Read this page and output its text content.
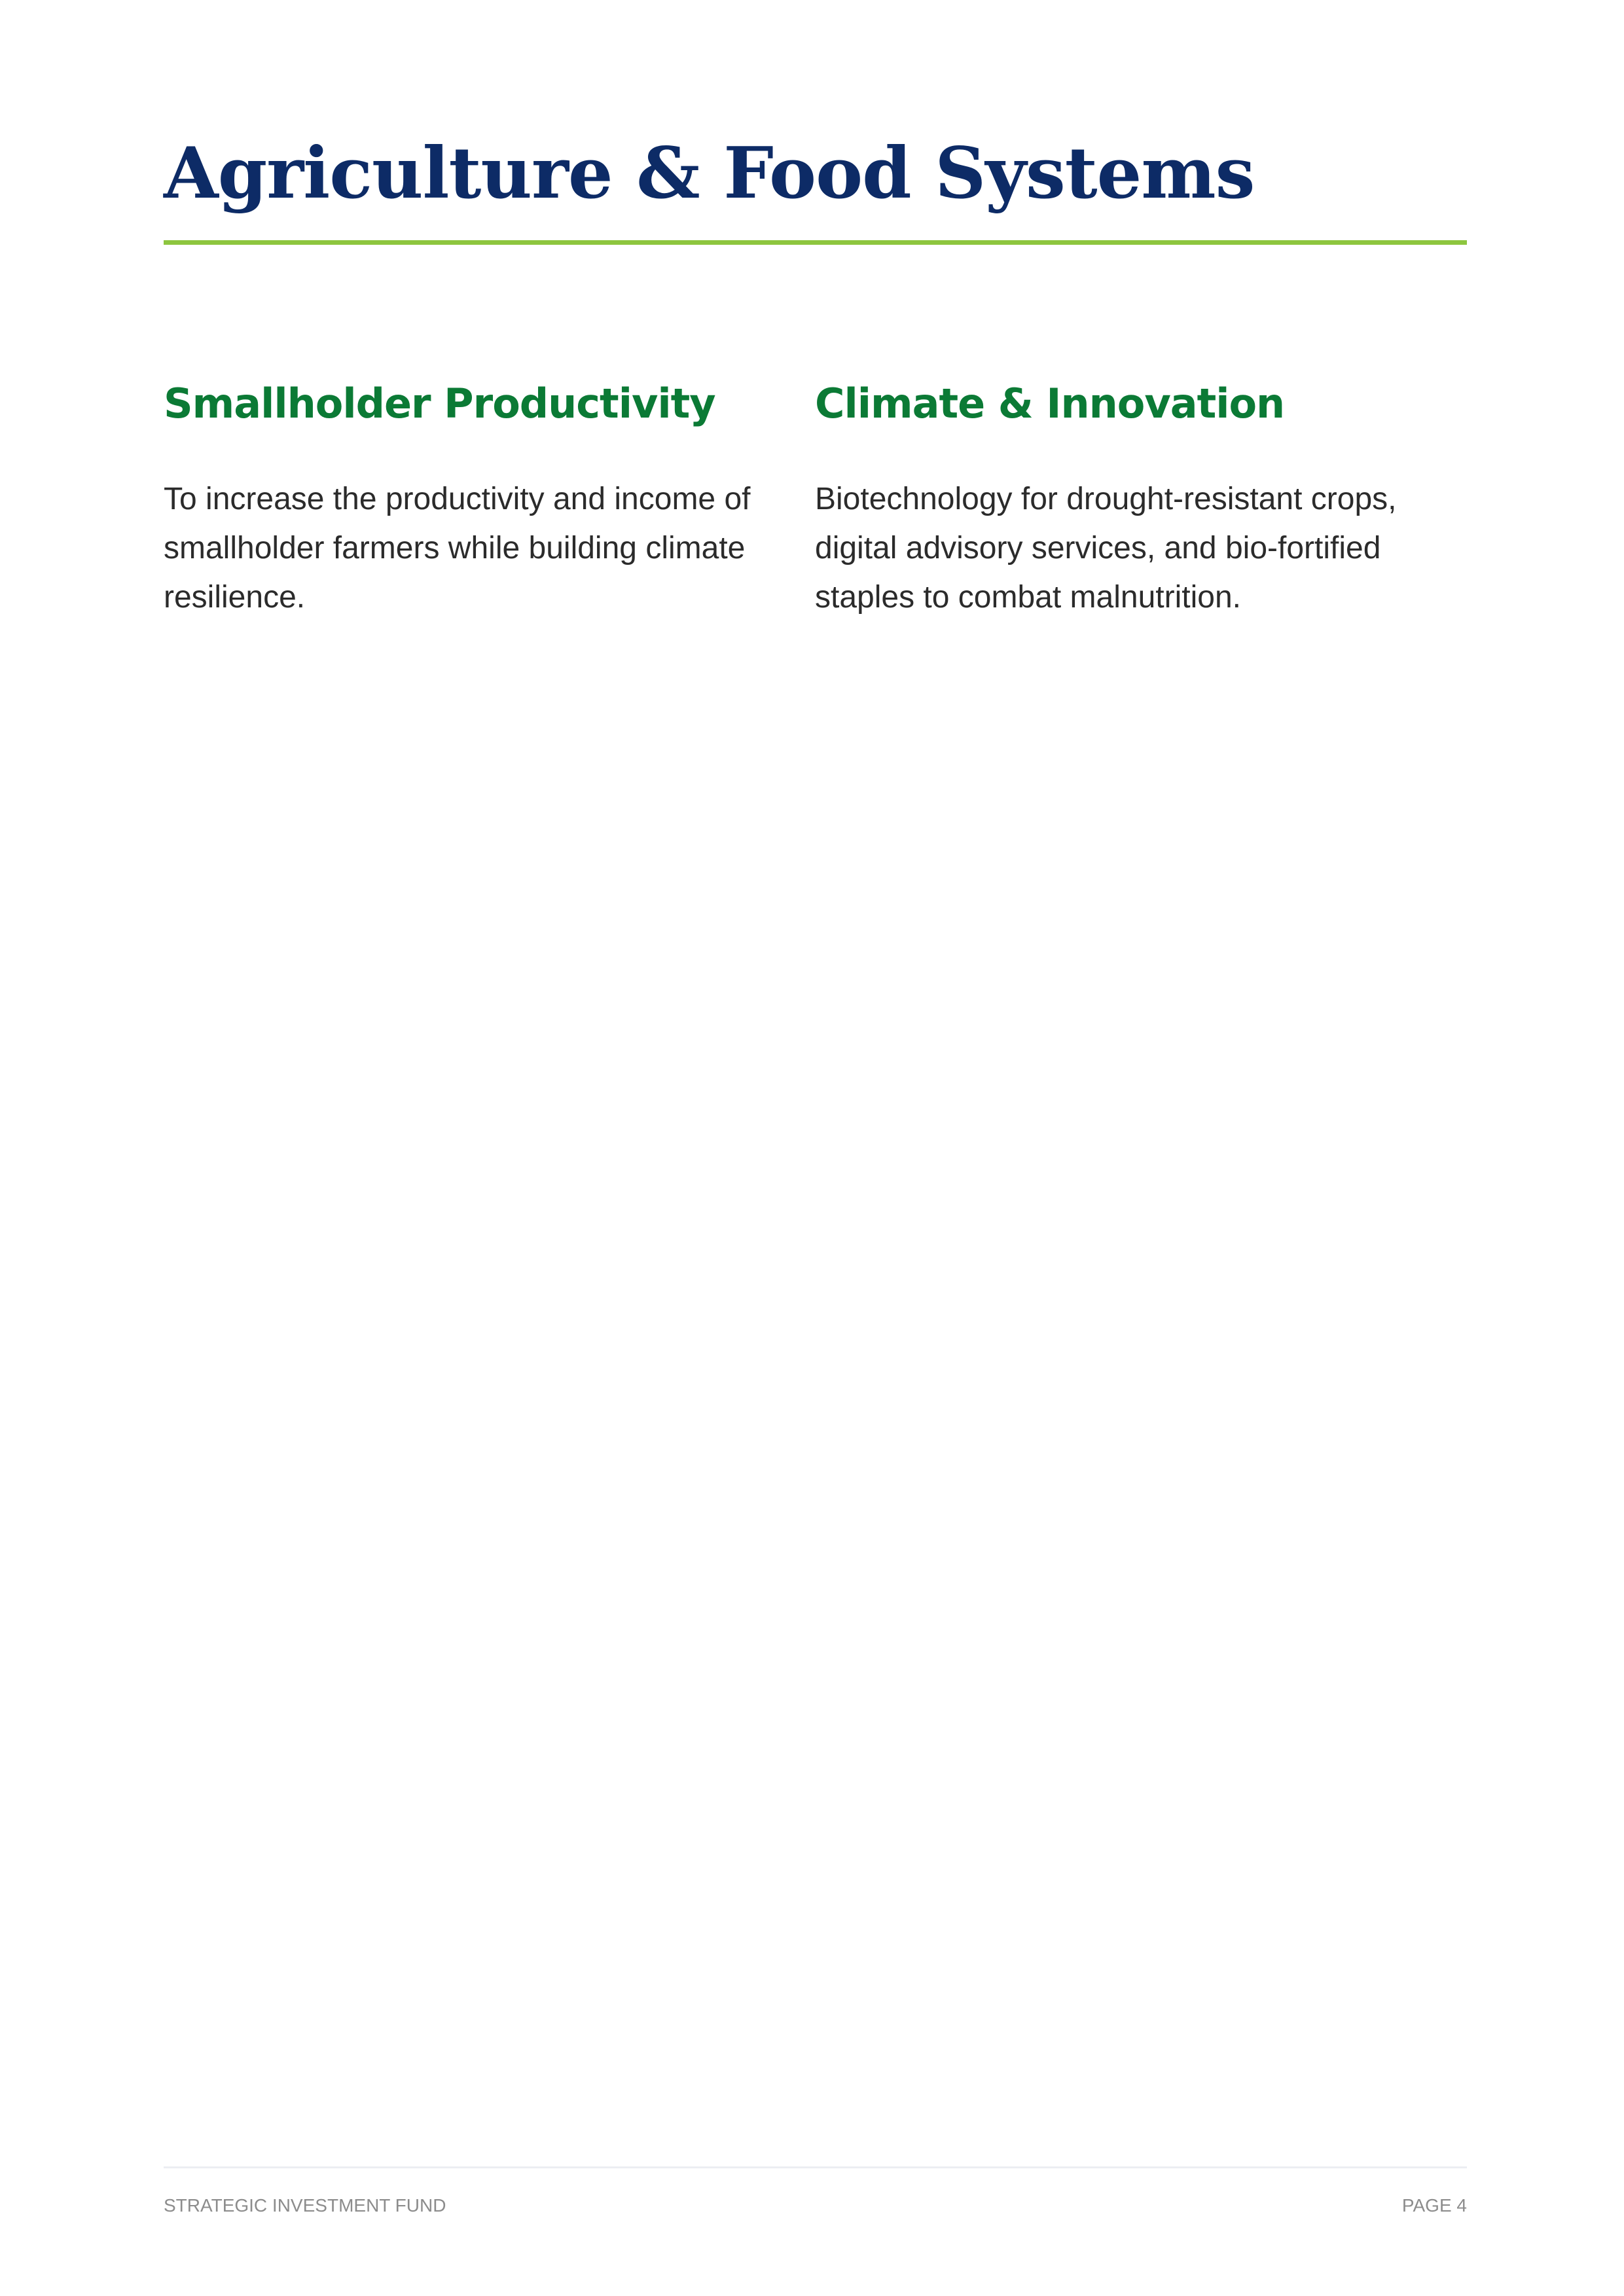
Agriculture & Food Systems
Smallholder Productivity

To increase the productivity and income of smallholder farmers while building climate resilience.

Climate & Innovation

Biotechnology for drought-resistant crops, digital advisory services, and bio-fortified staples to combat malnutrition.

STRATEGIC INVESTMENT FUND	PAGE 4
